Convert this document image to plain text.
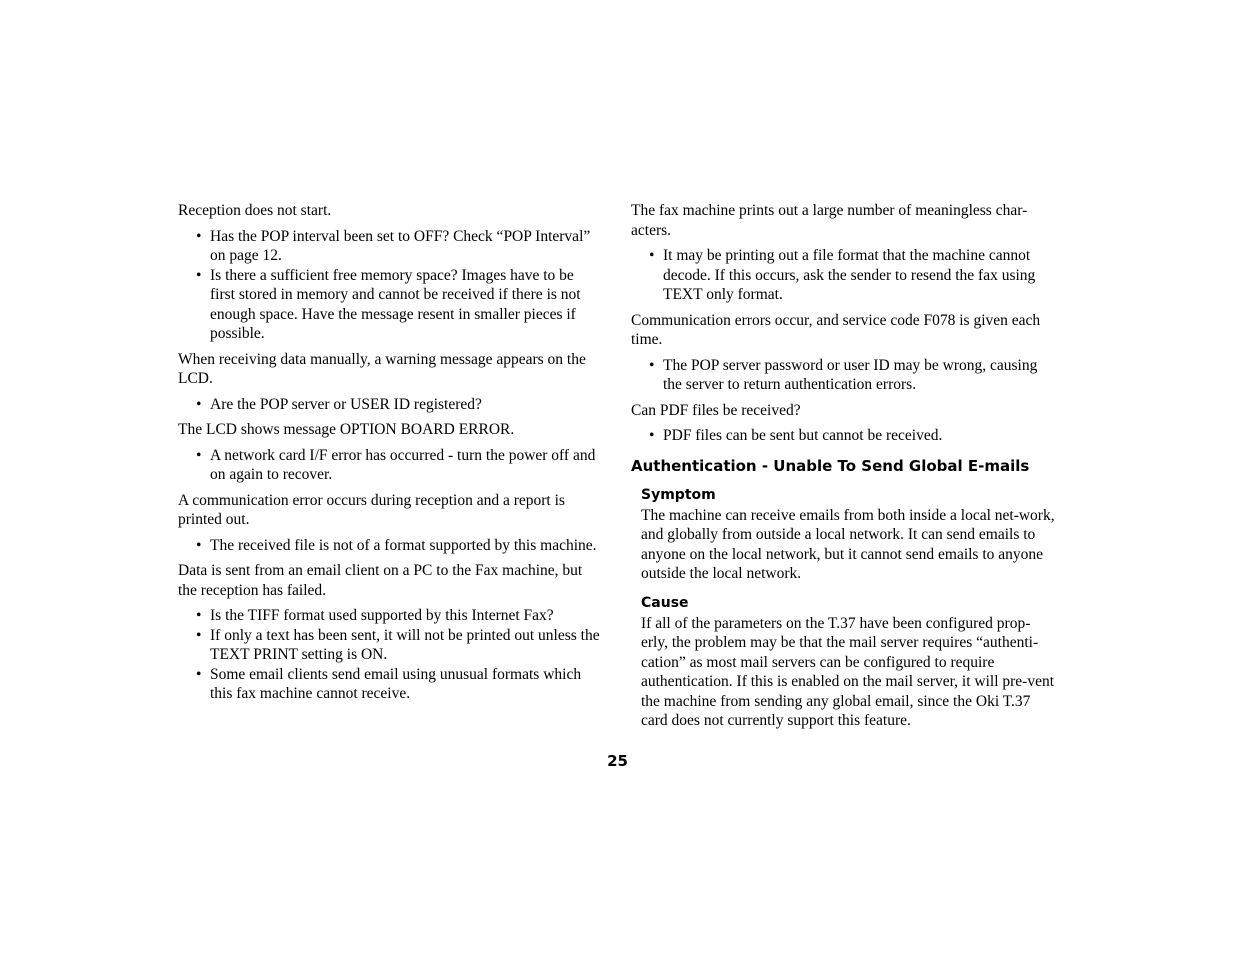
Reception does not start.

• Has the POP interval been set to OFF? Check “POP Interval” on page 12.
• Is there a sufficient free memory space? Images have to be first stored in memory and cannot be received if there is not enough space. Have the message resent in smaller pieces if possible.

When receiving data manually, a warning message appears on the LCD.

• Are the POP server or USER ID registered?

The LCD shows message OPTION BOARD ERROR.

• A network card I/F error has occurred - turn the power off and on again to recover.

A communication error occurs during reception and a report is printed out.

• The received file is not of a format supported by this machine.

Data is sent from an email client on a PC to the Fax machine, but the reception has failed.

• Is the TIFF format used supported by this Internet Fax?
• If only a text has been sent, it will not be printed out unless the TEXT PRINT setting is ON.
• Some email clients send email using unusual formats which this fax machine cannot receive.

The fax machine prints out a large number of meaningless char-acters.

• It may be printing out a file format that the machine cannot decode. If this occurs, ask the sender to resend the fax using TEXT only format.

Communication errors occur, and service code F078 is given each time.

• The POP server password or user ID may be wrong, causing the server to return authentication errors.

Can PDF files be received?

• PDF files can be sent but cannot be received.
Authentication - Unable To Send Global E-mails
Symptom

The machine can receive emails from both inside a local net-work, and globally from outside a local network. It can send emails to anyone on the local network, but it cannot send emails to anyone outside the local network.

Cause

If all of the parameters on the T.37 have been configured prop-erly, the problem may be that the mail server requires “authenti-cation” as most mail servers can be configured to require authentication. If this is enabled on the mail server, it will pre-vent the machine from sending any global email, since the Oki T.37 card does not currently support this feature.

25
